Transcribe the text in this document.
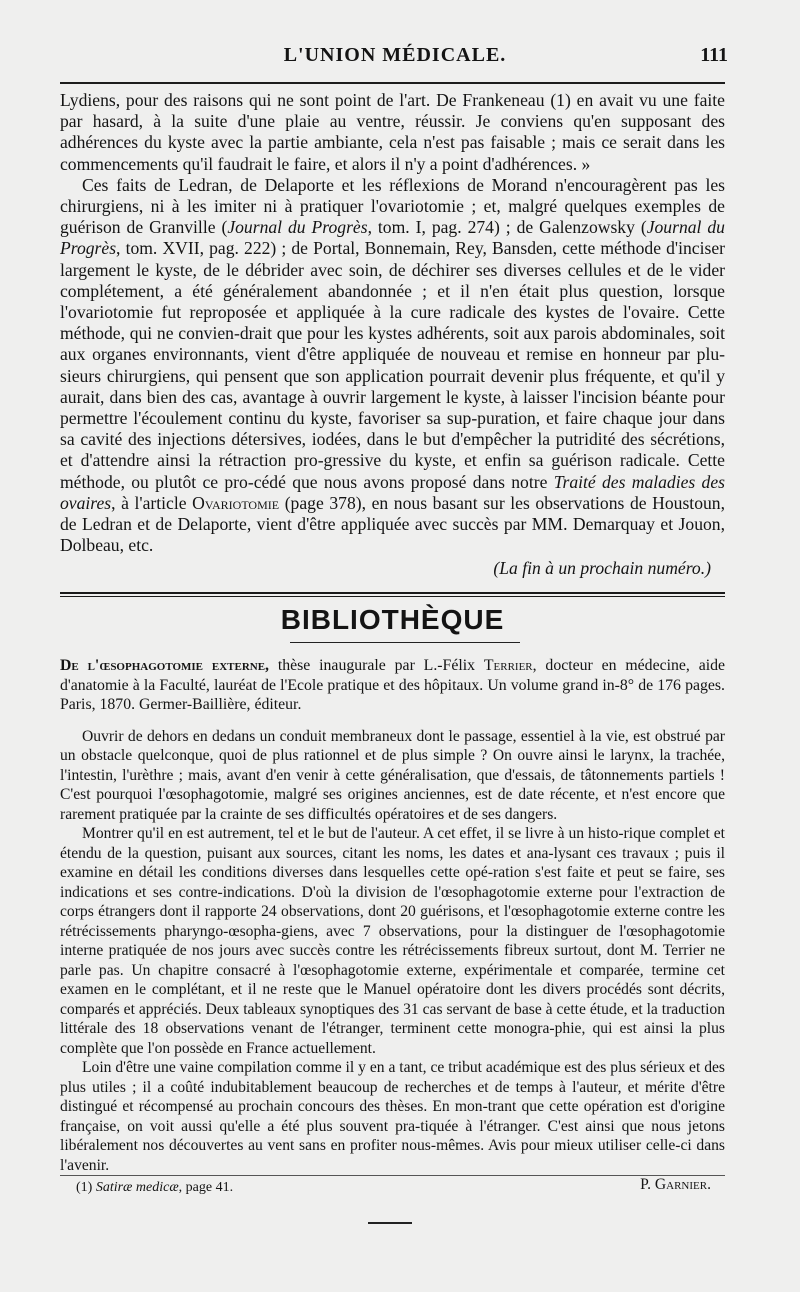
L'UNION MÉDICALE.	111

Lydiens, pour des raisons qui ne sont point de l'art. De Frankeneau (1) en avait vu une faite par hasard, à la suite d'une plaie au ventre, réussir. Je conviens qu'en supposant des adhérences du kyste avec la partie ambiante, cela n'est pas faisable ; mais ce serait dans les commencements qu'il faudrait le faire, et alors il n'y a point d'adhérences. »

Ces faits de Ledran, de Delaporte et les réflexions de Morand n'encouragèrent pas les chirurgiens, ni à les imiter ni à pratiquer l'ovariotomie ; et, malgré quelques exemples de guérison de Granville (Journal du Progrès, tom. I, pag. 274) ; de Galenzowsky (Journal du Progrès, tom. XVII, pag. 222) ; de Portal, Bonnemain, Rey, Bansden, cette méthode d'inciser largement le kyste, de le débrider avec soin, de déchirer ses diverses cellules et de le vider complétement, a été généralement abandonnée ; et il n'en était plus question, lorsque l'ovariotomie fut reproposée et appliquée à la cure radicale des kystes de l'ovaire. Cette méthode, qui ne convien-drait que pour les kystes adhérents, soit aux parois abdominales, soit aux organes environnants, vient d'être appliquée de nouveau et remise en honneur par plu-sieurs chirurgiens, qui pensent que son application pourrait devenir plus fréquente, et qu'il y aurait, dans bien des cas, avantage à ouvrir largement le kyste, à laisser l'incision béante pour permettre l'écoulement continu du kyste, favoriser sa sup-puration, et faire chaque jour dans sa cavité des injections détersives, iodées, dans le but d'empêcher la putridité des sécrétions, et d'attendre ainsi la rétraction pro-gressive du kyste, et enfin sa guérison radicale. Cette méthode, ou plutôt ce pro-cédé que nous avons proposé dans notre Traité des maladies des ovaires, à l'article Ovariotomie (page 378), en nous basant sur les observations de Houstoun, de Ledran et de Delaporte, vient d'être appliquée avec succès par MM. Demarquay et Jouon, Dolbeau, etc.

(La fin à un prochain numéro.)

BIBLIOTHÈQUE

De l'œsophagotomie externe, thèse inaugurale par L.-Félix Terrier, docteur en médecine, aide d'anatomie à la Faculté, lauréat de l'Ecole pratique et des hôpitaux. Un volume grand in-8° de 176 pages. Paris, 1870. Germer-Baillière, éditeur.

Ouvrir de dehors en dedans un conduit membraneux dont le passage, essentiel à la vie, est obstrué par un obstacle quelconque, quoi de plus rationnel et de plus simple ? On ouvre ainsi le larynx, la trachée, l'intestin, l'urèthre ; mais, avant d'en venir à cette généralisation, que d'essais, de tâtonnements partiels ! C'est pourquoi l'œsophagotomie, malgré ses origines anciennes, est de date récente, et n'est encore que rarement pratiquée par la crainte de ses difficultés opératoires et de ses dangers.

Montrer qu'il en est autrement, tel et le but de l'auteur. A cet effet, il se livre à un histo-rique complet et étendu de la question, puisant aux sources, citant les noms, les dates et ana-lysant ces travaux ; puis il examine en détail les conditions diverses dans lesquelles cette opé-ration s'est faite et peut se faire, ses indications et ses contre-indications. D'où la division de l'œsophagotomie externe pour l'extraction de corps étrangers dont il rapporte 24 observations, dont 20 guérisons, et l'œsophagotomie externe contre les rétrécissements pharyngo-œsopha-giens, avec 7 observations, pour la distinguer de l'œsophagotomie interne pratiquée de nos jours avec succès contre les rétrécissements fibreux surtout, dont M. Terrier ne parle pas. Un chapitre consacré à l'œsophagotomie externe, expérimentale et comparée, termine cet examen en le complétant, et il ne reste que le Manuel opératoire dont les divers procédés sont décrits, comparés et appréciés. Deux tableaux synoptiques des 31 cas servant de base à cette étude, et la traduction littérale des 18 observations venant de l'étranger, terminent cette monogra-phie, qui est ainsi la plus complète que l'on possède en France actuellement.

Loin d'être une vaine compilation comme il y en a tant, ce tribut académique est des plus sérieux et des plus utiles ; il a coûté indubitablement beaucoup de recherches et de temps à l'auteur, et mérite d'être distingué et récompensé au prochain concours des thèses. En mon-trant que cette opération est d'origine française, on voit aussi qu'elle a été plus souvent pra-tiquée à l'étranger. C'est ainsi que nous jetons libéralement nos découvertes au vent sans en profiter nous-mêmes. Avis pour mieux utiliser celle-ci dans l'avenir.

P. Garnier.

(1) Satiræ medicæ, page 41.
